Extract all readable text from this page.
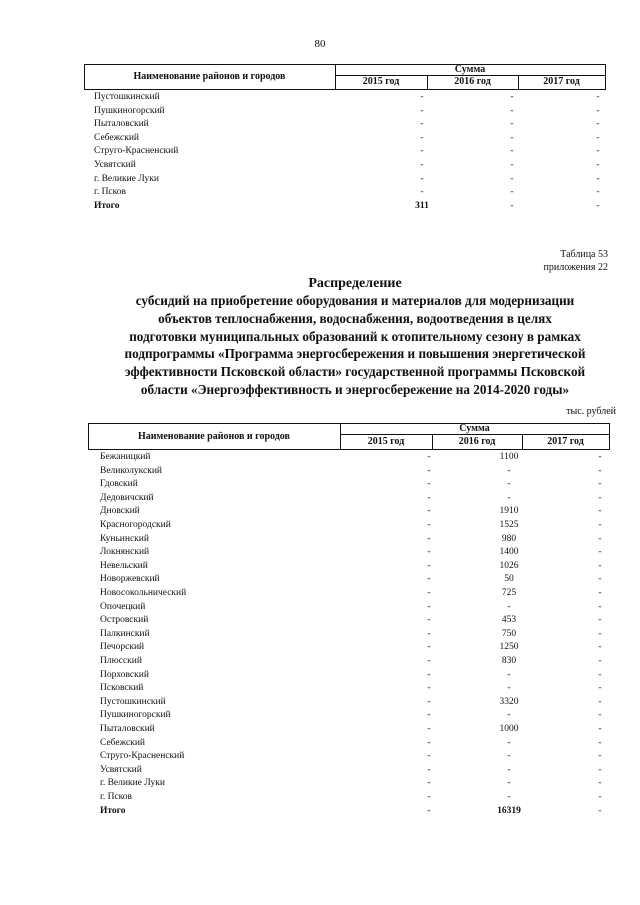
80
Наименование районов и городов
Сумма
2015 год	2016 год	2017 год
Пустошкинский	-	-	-
Пушкиногорский	-	-	-
Пыталовский	-	-	-
Себежский	-	-	-
Струго-Красненский	-	-	-
Усвятский	-	-	-
г. Великие Луки	-	-	-
г. Псков	-	-	-
Итого	311	-	-
Таблица 53
приложения 22
Распределение
субсидий на приобретение оборудования и материалов для модернизации
объектов теплоснабжения, водоснабжения, водоотведения в целях
подготовки муниципальных образований к отопительному сезону в рамках
подпрограммы «Программа энергосбережения и повышения энергетической
эффективности Псковской области» государственной программы Псковской
области «Энергоэффективность и энергосбережение на 2014-2020 годы»
тыс. рублей
Наименование районов и городов
Сумма
2015 год	2016 год	2017 год
Бежаницкий	-	1100	-
Великолукский	-	-	-
Гдовский	-	-	-
Дедовичский	-	-	-
Дновский	-	1910	-
Красногородский	-	1525	-
Куньинский	-	980	-
Локнянский	-	1400	-
Невельский	-	1026	-
Новоржевский	-	50	-
Новосокольнический	-	725	-
Опочецкий	-	-	-
Островский	-	453	-
Палкинский	-	750	-
Печорский	-	1250	-
Плюсский	-	830	-
Порховский	-	-	-
Псковский	-	-	-
Пустошкинский	-	3320	-
Пушкиногорский	-	-	-
Пыталовский	-	1000	-
Себежский	-	-	-
Струго-Красненский	-	-	-
Усвятский	-	-	-
г. Великие Луки	-	-	-
г. Псков	-	-	-
Итого	-	16319	-
